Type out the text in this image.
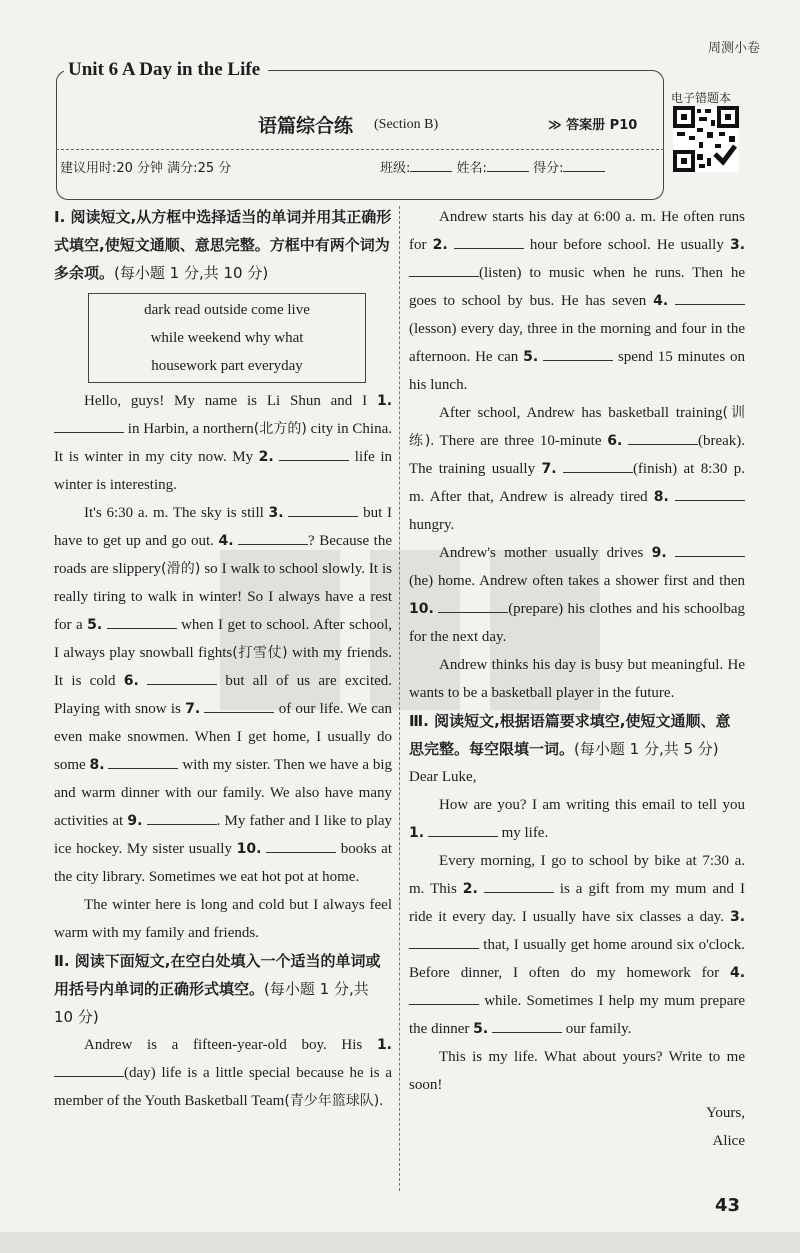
周测小卷
Unit 6 A Day in the Life
语篇综合练 (Section B)	≫ 答案册 P10
建议用时:20 分钟 满分:25 分	班级:	姓名:	得分:
电子错题本
Ⅰ. 阅读短文,从方框中选择适当的单词并用其正确形式填空,使短文通顺、意思完整。方框中有两个词为多余项。(每小题 1 分,共 10 分)
dark read outside come live
while weekend why what
housework part everyday

Hello, guys! My name is Li Shun and I 1.  in Harbin, a northern(北方的) city in China. It is winter in my city now. My 2.	life in winter is interesting.

It's 6:30 a. m. The sky is still 3.	but I have to get up and go out. 4.	? Because the roads are slippery(滑的) so I walk to school slowly. It is really tiring to walk in winter! So I always have a rest for a 5.	when I get to school. After school, I always play snowball fights(打雪仗) with my friends. It is cold 6.	but all of us are excited. Playing with snow is 7.	of our life. We can even make snowmen. When I get home, I usually do some 8.	with my sister. Then we have a big and warm dinner with our family. We also have many activities at 9.	. My father and I like to play ice hockey. My sister usually 10.	books at the city library. Sometimes we eat hot pot at home.

The winter here is long and cold but I always feel warm with my family and friends.

Ⅱ. 阅读下面短文,在空白处填入一个适当的单词或用括号内单词的正确形式填空。(每小题 1 分,共 10 分)

Andrew is a fifteen-year-old boy. His 1. (day) life is a little special because he is a member of the Youth Basketball Team(青少年篮球队).

Andrew starts his day at 6:00 a. m. He often runs for 2.	hour before school. He usually 3. (listen) to music when he runs. Then he goes to school by bus. He has seven 4. (lesson) every day, three in the morning and four in the afternoon. He can 5.	spend 15 minutes on his lunch.

After school, Andrew has basketball training(训练). There are three 10-minute 6.	(break). The training usually 7.	(finish) at 8:30 p. m. After that, Andrew is already tired 8.  hungry.

Andrew's mother usually drives 9. (he) home. Andrew often takes a shower first and then 10.	(prepare) his clothes and his schoolbag for the next day.

Andrew thinks his day is busy but meaningful. He wants to be a basketball player in the future.

Ⅲ. 阅读短文,根据语篇要求填空,使短文通顺、意思完整。每空限填一词。(每小题 1 分,共 5 分)

Dear Luke,

How are you? I am writing this email to tell you 1.	my life.

Every morning, I go to school by bike at 7:30 a. m. This 2.	is a gift from my mum and I ride it every day. I usually have six classes a day. 3.  that, I usually get home around six o'clock. Before dinner, I often do my homework for 4.  while. Sometimes I help my mum prepare the dinner 5.	our family.

This is my life. What about yours? Write to me soon!

Yours,

Alice

43
